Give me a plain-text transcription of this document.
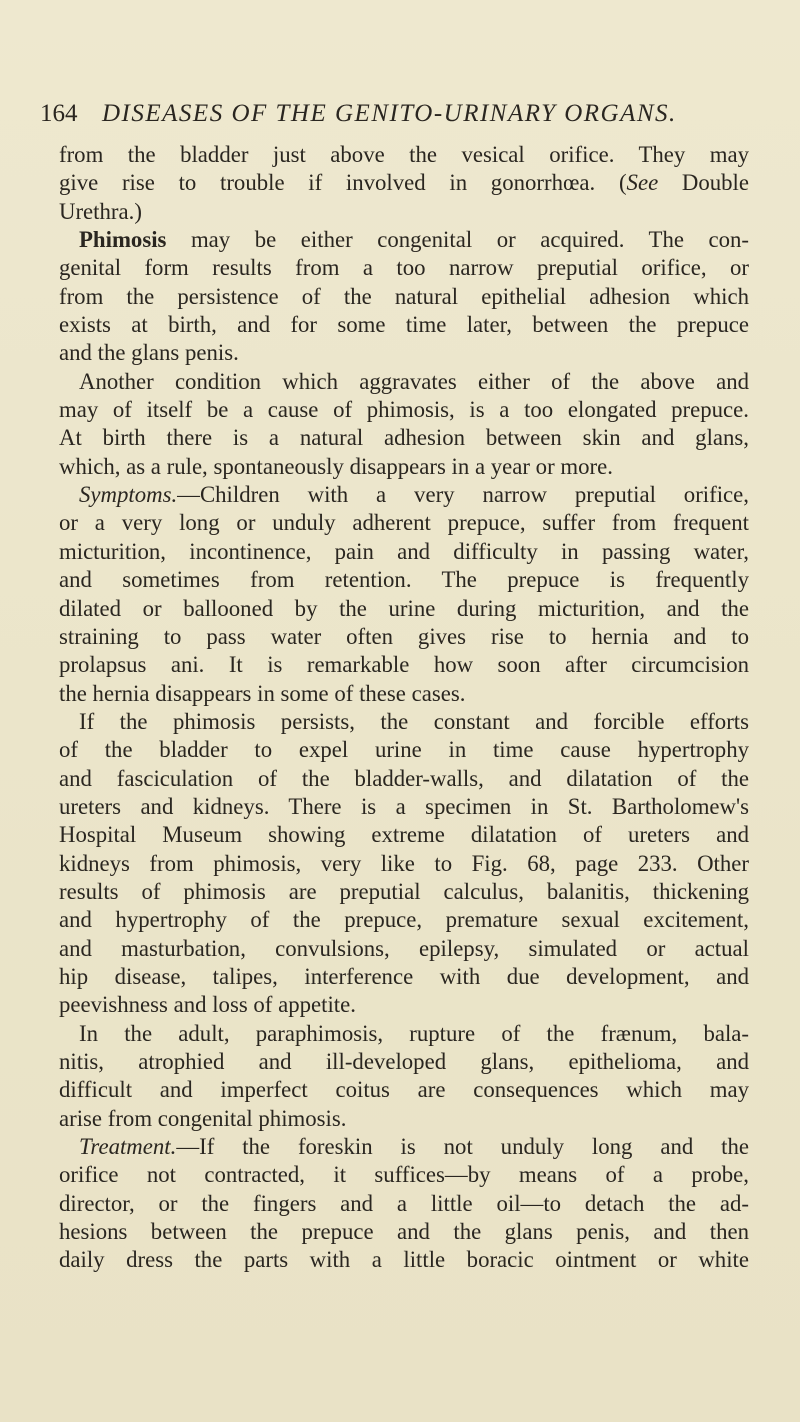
164 DISEASES OF THE GENITO-URINARY ORGANS.
from the bladder just above the vesical orifice. They may
give rise to trouble if involved in gonorrhœa. (See Double
Urethra.)
Phimosis may be either congenital or acquired. The con-
genital form results from a too narrow preputial orifice, or
from the persistence of the natural epithelial adhesion which
exists at birth, and for some time later, between the prepuce
and the glans penis.
Another condition which aggravates either of the above and
may of itself be a cause of phimosis, is a too elongated prepuce.
At birth there is a natural adhesion between skin and glans,
which, as a rule, spontaneously disappears in a year or more.
Symptoms.—Children with a very narrow preputial orifice,
or a very long or unduly adherent prepuce, suffer from frequent
micturition, incontinence, pain and difficulty in passing water,
and sometimes from retention. The prepuce is frequently
dilated or ballooned by the urine during micturition, and the
straining to pass water often gives rise to hernia and to
prolapsus ani. It is remarkable how soon after circumcision
the hernia disappears in some of these cases.
If the phimosis persists, the constant and forcible efforts
of the bladder to expel urine in time cause hypertrophy
and fasciculation of the bladder-walls, and dilatation of the
ureters and kidneys. There is a specimen in St. Bartholomew's
Hospital Museum showing extreme dilatation of ureters and
kidneys from phimosis, very like to Fig. 68, page 233. Other
results of phimosis are preputial calculus, balanitis, thickening
and hypertrophy of the prepuce, premature sexual excitement,
and masturbation, convulsions, epilepsy, simulated or actual
hip disease, talipes, interference with due development, and
peevishness and loss of appetite.
In the adult, paraphimosis, rupture of the frænum, bala-
nitis, atrophied and ill-developed glans, epithelioma, and
difficult and imperfect coitus are consequences which may
arise from congenital phimosis.
Treatment.—If the foreskin is not unduly long and the
orifice not contracted, it suffices—by means of a probe,
director, or the fingers and a little oil—to detach the ad-
hesions between the prepuce and the glans penis, and then
daily dress the parts with a little boracic ointment or white
